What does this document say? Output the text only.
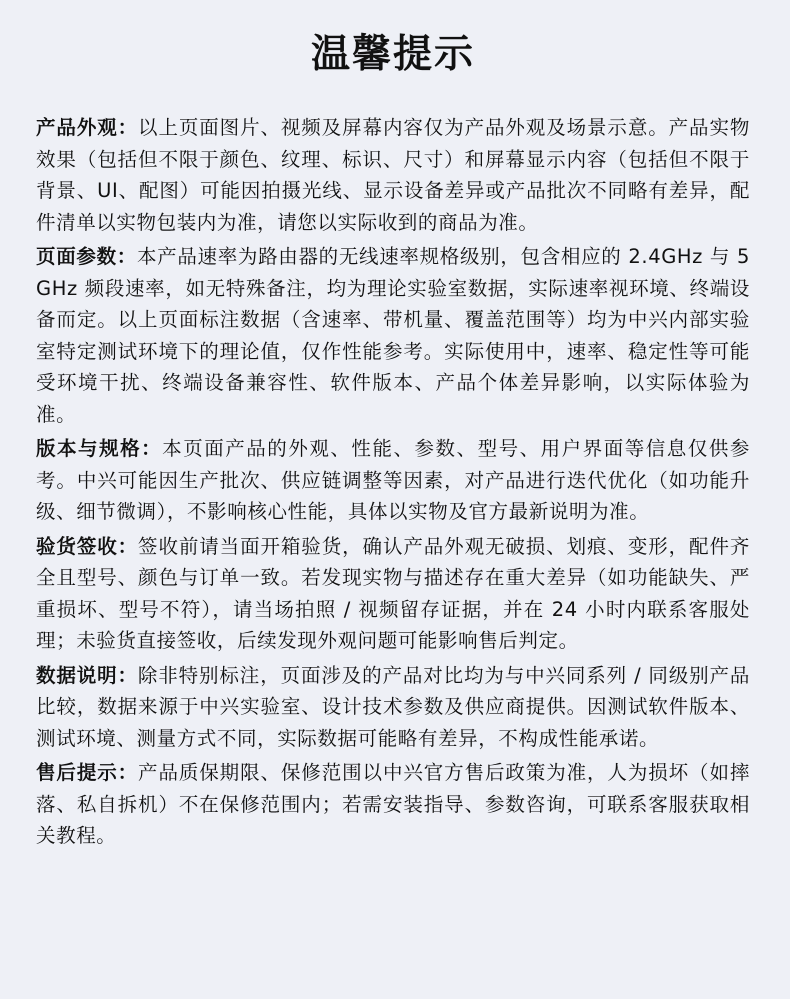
温馨提示

产品外观：以上页面图片、视频及屏幕内容仅为产品外观及场景示意。产品实物效果（包括但不限于颜色、纹理、标识、尺寸）和屏幕显示内容（包括但不限于背景、UI、配图）可能因拍摄光线、显示设备差异或产品批次不同略有差异，配件清单以实物包装内为准，请您以实际收到的商品为准。

页面参数：本产品速率为路由器的无线速率规格级别，包含相应的 2.4GHz 与 5GHz 频段速率，如无特殊备注，均为理论实验室数据，实际速率视环境、终端设备而定。以上页面标注数据（含速率、带机量、覆盖范围等）均为中兴内部实验室特定测试环境下的理论值，仅作性能参考。实际使用中，速率、稳定性等可能受环境干扰、终端设备兼容性、软件版本、产品个体差异影响，以实际体验为准。

版本与规格：本页面产品的外观、性能、参数、型号、用户界面等信息仅供参考。中兴可能因生产批次、供应链调整等因素，对产品进行迭代优化（如功能升级、细节微调），不影响核心性能，具体以实物及官方最新说明为准。

验货签收：签收前请当面开箱验货，确认产品外观无破损、划痕、变形，配件齐全且型号、颜色与订单一致。若发现实物与描述存在重大差异（如功能缺失、严重损坏、型号不符），请当场拍照 / 视频留存证据，并在 24 小时内联系客服处理；未验货直接签收，后续发现外观问题可能影响售后判定。

数据说明：除非特别标注，页面涉及的产品对比均为与中兴同系列 / 同级别产品比较，数据来源于中兴实验室、设计技术参数及供应商提供。因测试软件版本、测试环境、测量方式不同，实际数据可能略有差异，不构成性能承诺。

售后提示：产品质保期限、保修范围以中兴官方售后政策为准，人为损坏（如摔落、私自拆机）不在保修范围内；若需安装指导、参数咨询，可联系客服获取相关教程。
